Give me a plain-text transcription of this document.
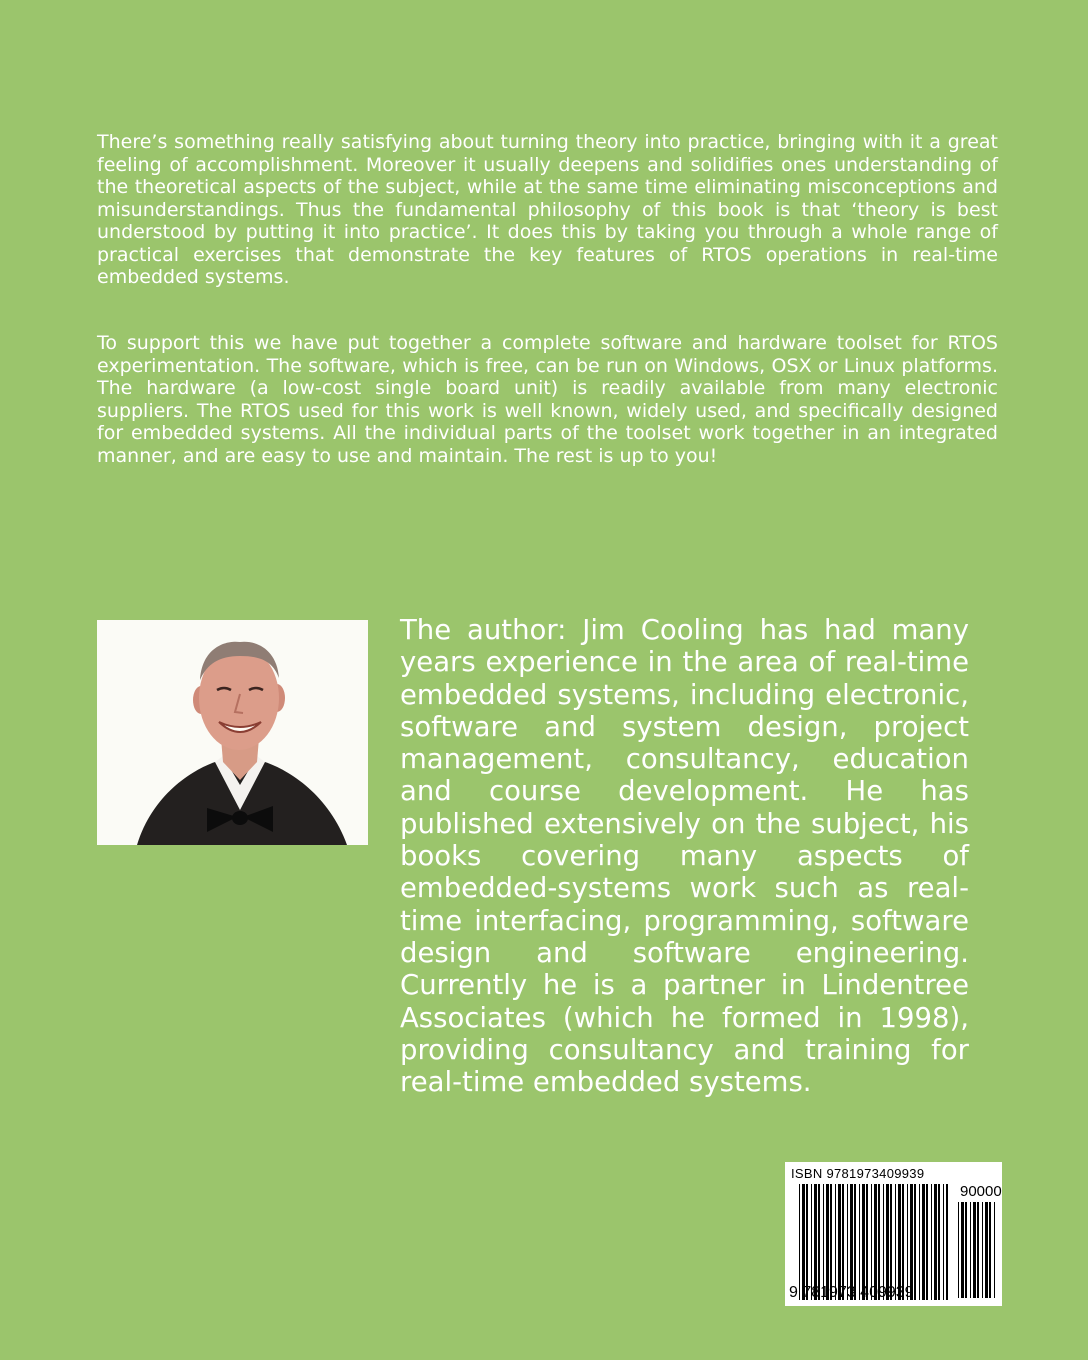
There’s something really satisfying about turning theory into practice, bringing with it a great feeling of accomplishment. Moreover it usually deepens and solidifies ones understanding of the theoretical aspects of the subject, while at the same time eliminating misconceptions and misunderstandings. Thus the fundamental philosophy of this book is that ‘theory is best understood by putting it into practice’. It does this by taking you through a whole range of practical exercises that demonstrate the key features of RTOS operations in real-time embedded systems.

To support this we have put together a complete software and hardware toolset for RTOS experimentation. The software, which is free, can be run on Windows, OSX or Linux platforms. The hardware (a low-cost single board unit) is readily available from many electronic suppliers. The RTOS used for this work is well known, widely used, and specifically designed for embedded systems. All the individual parts of the toolset work together in an integrated manner, and are easy to use and maintain. The rest is up to you!

The author: Jim Cooling has had many years experience in the area of real-time embedded systems, including electronic, software and system design, project management, consultancy, education and course development. He has published extensively on the subject, his books covering many aspects of embedded-systems work such as real-time interfacing, programming, software design and software engineering. Currently he is a partner in Lindentree Associates (which he formed in 1998), providing consultancy and training for real-time embedded systems.

ISBN 9781973409939
90000
9 781973 409939
